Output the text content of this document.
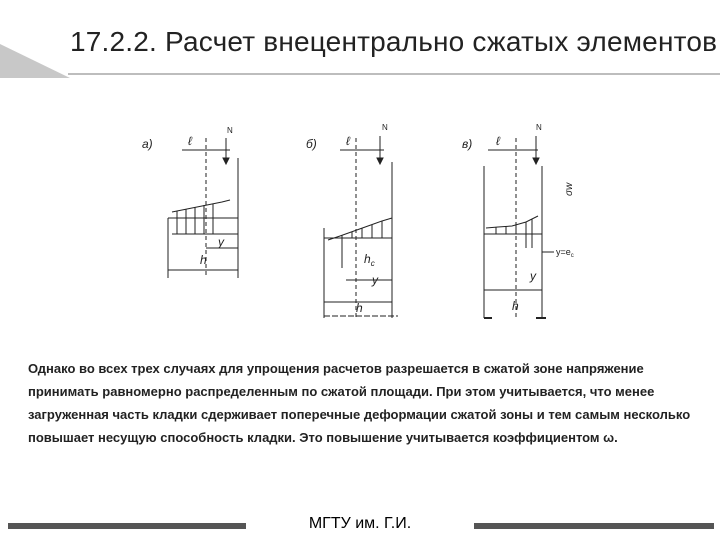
17.2.2. Расчет внецентрально сжатых элементов
а)	ℓ
N
y
h
б) ℓ
N
$h_c$
y
h
в) ℓ
N
σw
$y=e_c$
y
h
Однако во всех трех случаях для упрощения расчетов разрешается в сжатой зоне напряжение принимать равномерно распределенным по сжатой площади. При этом учитывается, что менее загруженная часть кладки сдерживает поперечные деформации сжатой зоны и тем самым несколько повышает несущую способность кладки. Это повышение учитывается коэффициентом ω.
МГТУ им. Г.И.
